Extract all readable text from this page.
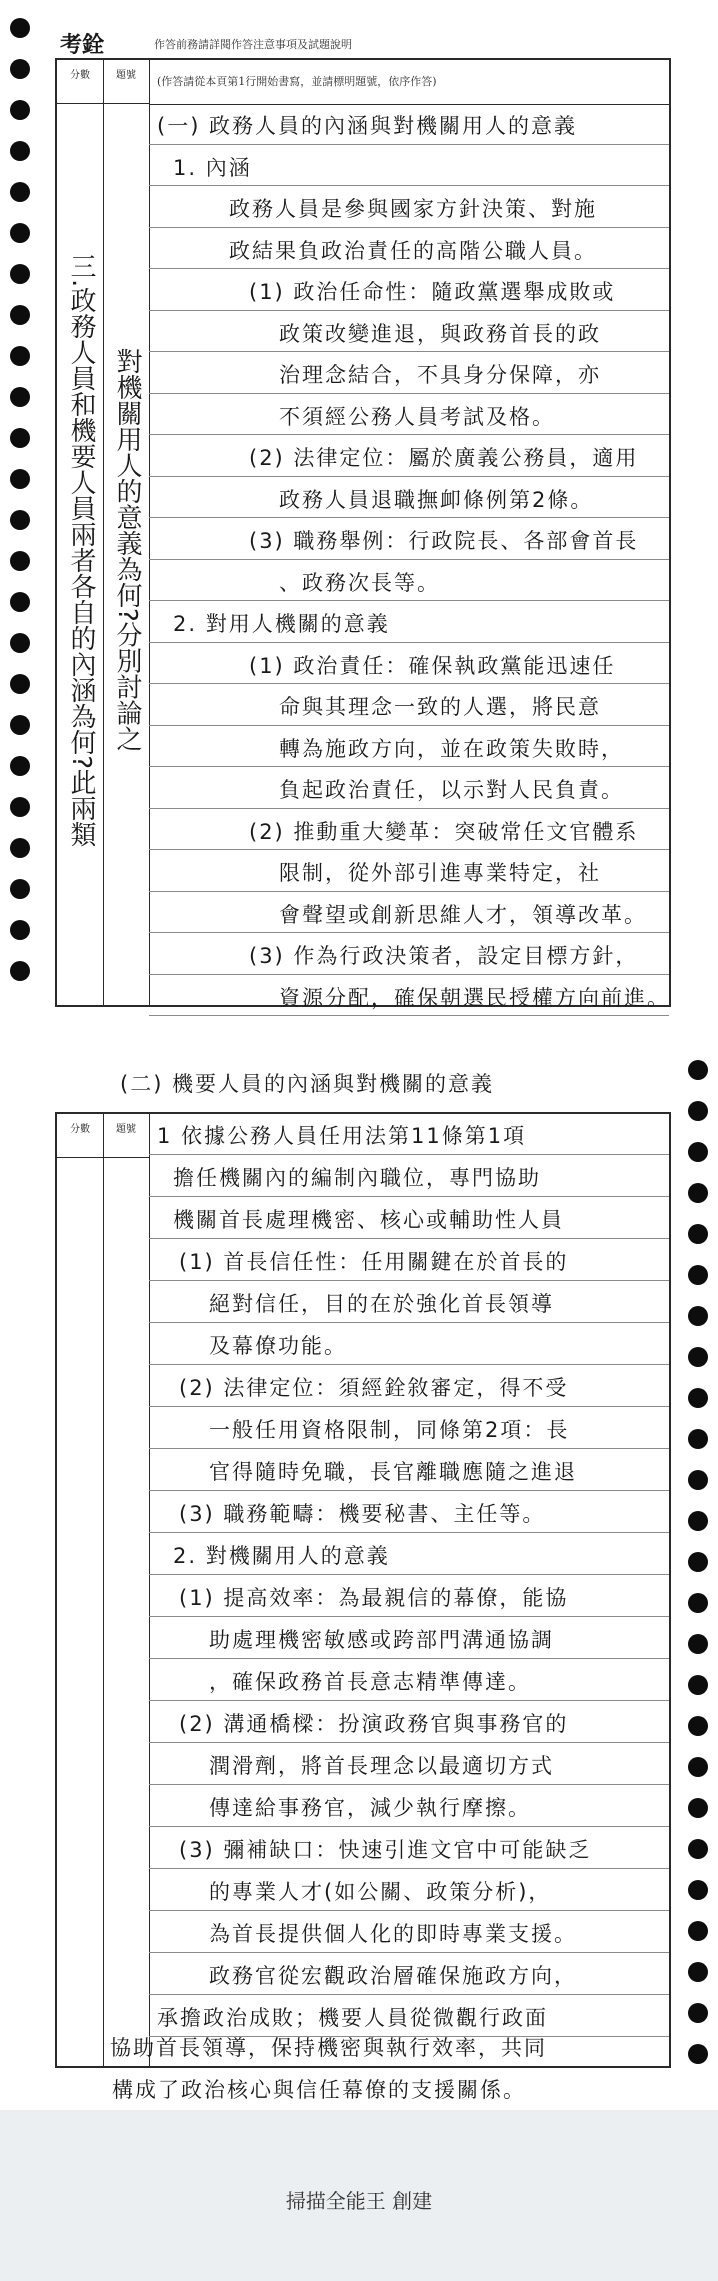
考銓	作答前務請詳閱作答注意事項及試題說明
分數	題號	(作答請從本頁第1行開始書寫，並請標明題號，依序作答)
三.政務人員和機要人員兩者各自的內涵為何?此兩類 對機關用人的意義為何?分別討論之
(一) 政務人員的內涵與對機關用人的意義
1. 內涵
政務人員是參與國家方針決策、對施
政結果負政治責任的高階公職人員。
(1) 政治任命性：隨政黨選舉成敗或
政策改變進退，與政務首長的政
治理念結合，不具身分保障，亦
不須經公務人員考試及格。
(2) 法律定位：屬於廣義公務員，適用
政務人員退職撫卹條例第2條。
(3) 職務舉例：行政院長、各部會首長
、政務次長等。
2. 對用人機關的意義
(1) 政治責任：確保執政黨能迅速任
命與其理念一致的人選，將民意
轉為施政方向，並在政策失敗時，
負起政治責任，以示對人民負責。
(2) 推動重大變革：突破常任文官體系
限制，從外部引進專業特定，社
會聲望或創新思維人才，領導改革。
(3) 作為行政決策者，設定目標方針，
資源分配，確保朝選民授權方向前進。
(二) 機要人員的內涵與對機關的意義
分數	題號	1 依據公務人員任用法第11條第1項
擔任機關內的編制內職位，專門協助
機關首長處理機密、核心或輔助性人員
(1) 首長信任性：任用關鍵在於首長的
絕對信任，目的在於強化首長領導
及幕僚功能。
(2) 法律定位：須經銓敘審定，得不受
一般任用資格限制，同條第2項：長
官得隨時免職，長官離職應隨之進退
(3) 職務範疇：機要秘書、主任等。
2. 對機關用人的意義
(1) 提高效率：為最親信的幕僚，能協
助處理機密敏感或跨部門溝通協調
，確保政務首長意志精準傳達。
(2) 溝通橋樑：扮演政務官與事務官的
潤滑劑，將首長理念以最適切方式
傳達給事務官，減少執行摩擦。
(3) 彌補缺口：快速引進文官中可能缺乏
的專業人才(如公關、政策分析)，
為首長提供個人化的即時專業支援。
政務官從宏觀政治層確保施政方向，
承擔政治成敗；機要人員從微觀行政面
協助首長領導，保持機密與執行效率，共同
構成了政治核心與信任幕僚的支援關係。
掃描全能王 創建
